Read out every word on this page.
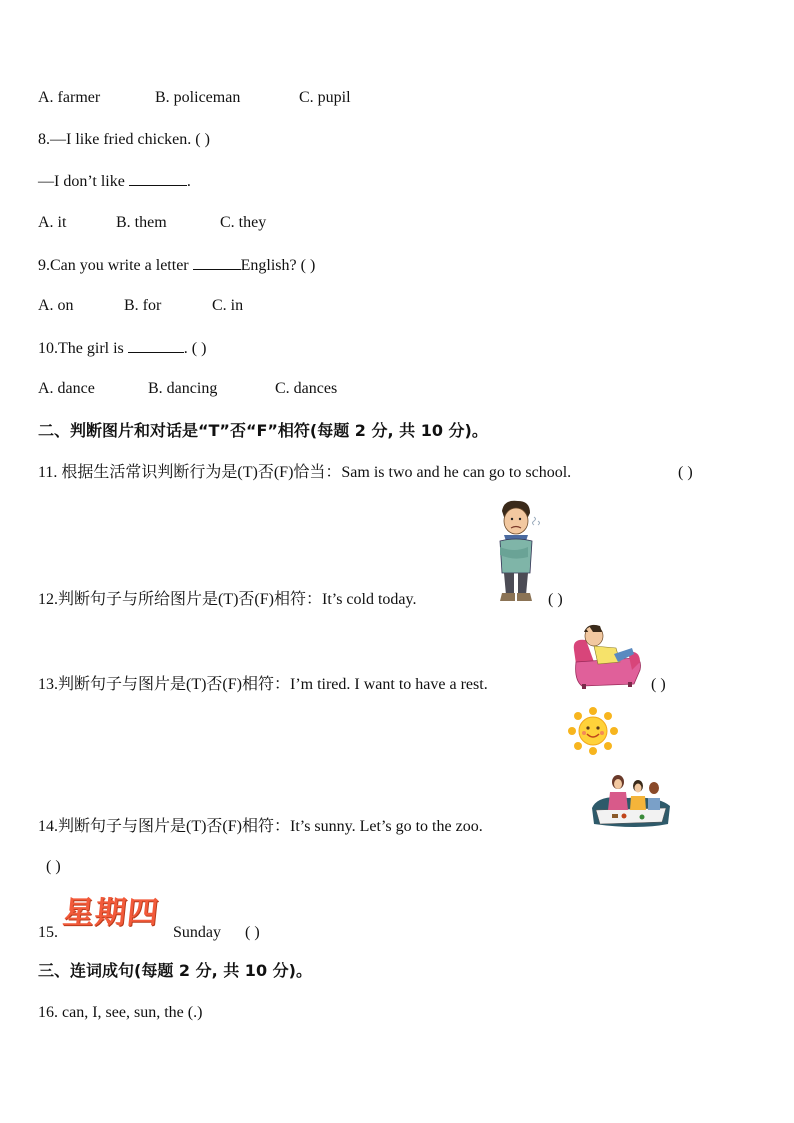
A. farmer	B. policeman	C. pupil
8.—I like fried chicken. ( )
—I don’t like	.
A. it	B. them	C. they
9.Can you write a letter	English? ( )
A. on	B. for	C. in
10.The girl is	. ( )
A. dance	B. dancing	C. dances
二、判断图片和对话是“T”否“F”相符(每题 2 分, 共 10 分)。
11. 根据生活常识判断行为是(T)否(F)恰当：Sam is two and he can go to school.	( )
12.判断句子与所给图片是(T)否(F)相符：It’s cold today.	( )
13.判断句子与图片是(T)否(F)相符：I’m tired. I want to have a rest.	( )
14.判断句子与图片是(T)否(F)相符：It’s sunny. Let’s go to the zoo.
( )
15.
星期四
Sunday ( )
三、连词成句(每题 2 分, 共 10 分)。
16. can, I, see, sun, the (.)
